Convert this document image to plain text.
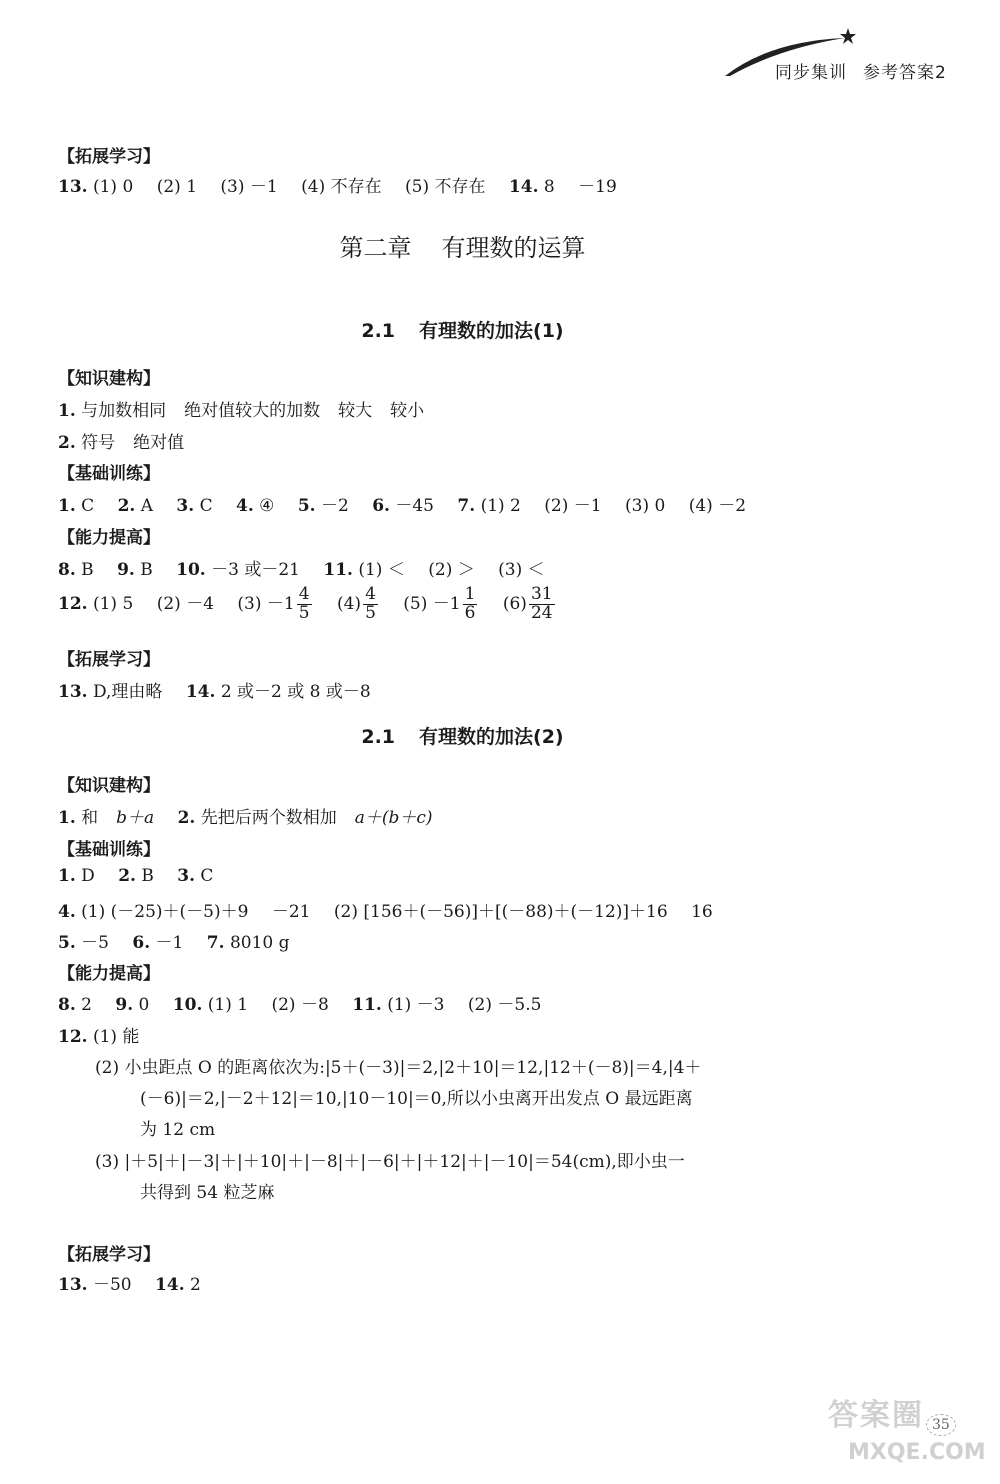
同步集训 参考答案2
【拓展学习】
13. (1) 0 (2) 1 (3) －1 (4) 不存在 (5) 不存在 14. 8 －19
第二章 有理数的运算
2.1 有理数的加法(1)
【知识建构】
1. 与加数相同 绝对值较大的加数 较大 较小
2. 符号 绝对值
【基础训练】
1. C 2. A 3. C 4. ④ 5. －2 6. －45 7. (1) 2 (2) －1 (3) 0 (4) －2
【能力提高】
8. B 9. B 10. －3 或－21 11. (1) ＜ (2) ＞ (3) ＜
12. (1) 5 (2) －4 $(3) -1 \frac{4}{5} (4) \frac{4}{5} (5) -1 \frac{1}{6} (6) \frac{31}{24}$
【拓展学习】
13. D,理由略 14. 2 或－2 或 8 或－8
2.1 有理数的加法(2)
【知识建构】
1. 和 b＋a 2. 先把后两个数相加 a＋(b＋c)
【基础训练】
1. D 2. B 3. C
4. (1) (－25)＋(－5)＋9 －21 (2) [156＋(－56)]＋[(－88)＋(－12)]＋16 16
5. －5 6. －1 7. 8010 g
【能力提高】
8. 2 9. 0 10. (1) 1 (2) －8 11. (1) －3 (2) －5.5
12. (1) 能
(2) 小虫距点 O 的距离依次为:|5＋(－3)|＝2,|2＋10|＝12,|12＋(－8)|＝4,|4＋
(－6)|＝2,|－2＋12|＝10,|10－10|＝0,所以小虫离开出发点 O 最远距离
为 12 cm
(3) |＋5|＋|－3|＋|＋10|＋|－8|＋|－6|＋|＋12|＋|－10|＝54(cm),即小虫一
共得到 54 粒芝麻
【拓展学习】
13. －50 14. 2
答案圈 35
MXQE.COM
